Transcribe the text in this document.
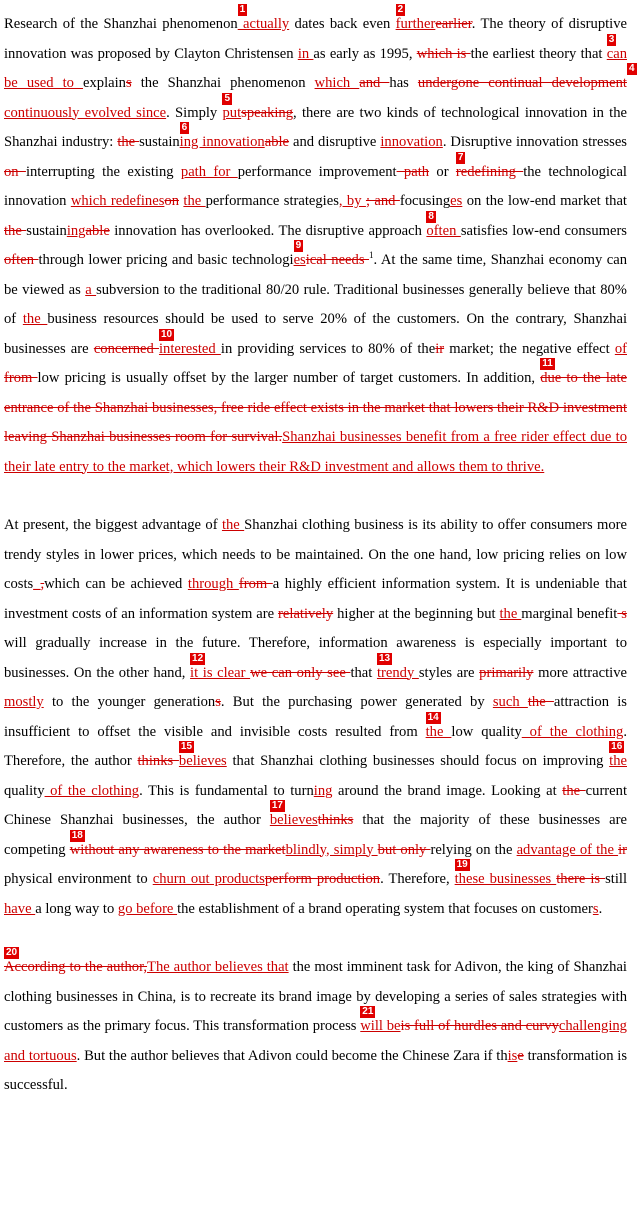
Research of the Shanzhai phenomenon
1
actually dates back even
2
furtherearlier. The theory of disruptive innovation was proposed by Clayton Christensen in as early as 1995, which is the earliest theory that
3
can be used to explains the Shanzhai phenomenon which and has undergone continual development
4
continuously evolved since. Simply
5
putspeaking, there are two kinds of technological innovation in the Shanzhai industry: the sustain
6
ing innovationable and disruptive innovation. Disruptive innovation stresses on interrupting the existing path for performance improvement path or
7
redefining the technological innovation which redefineson the performance strategies, by ; and focusinges on the low-end market that the sustainingable innovation has overlooked. The disruptive approach
8
often satisfies low-end consumers often through lower pricing and basic technologi
9
esical needs $^1$. At the same time, Shanzhai economy can be viewed as a subversion to the traditional 80/20 rule. Traditional businesses generally believe that 80% of the business resources should be used to serve 20% of the customers. On the contrary, Shanzhai businesses are concerned
10
interested in providing services to 80% of their market; the negative effect of from low pricing is usually offset by the larger number of target customers. In addition,
11
due to the late entrance of the Shanzhai businesses, free ride effect exists in the market that lowers their R&D investment leaving Shanzhai businesses room for survival.Shanzhai businesses benefit from a free rider effect due to their late entry to the market, which lowers their R&D investment and allows them to thrive.

At present, the biggest advantage of the Shanzhai clothing business is its ability to offer consumers more trendy styles in lower prices, which needs to be maintained. On the one hand, low pricing relies on low costs_,which can be achieved through from a highly efficient information system. It is undeniable that investment costs of an information system are relatively higher at the beginning but the marginal benefit s will gradually increase in the future. Therefore, information awareness is especially important to businesses. On the other hand,
12
it is clear we can only see that
13
trendy styles are primarily more attractive mostly to the younger generations. But the purchasing power generated by such the attraction is insufficient to offset the visible and invisible costs resulted from
14
the low quality of the clothing. Therefore, the author thinks
15
believes that Shanzhai clothing businesses should focus on improving
16
the quality of the clothing. This is fundamental to turning around the brand image. Looking at the current Chinese Shanzhai businesses, the author
17
believesthinks that the majority of these businesses are competing
18
without any awareness to the marketblindly, simply but only relying on the advantage of the ir physical environment to churn out productsperform production. Therefore,
19
these businesses there is still have a long way to go before the establishment of a brand operating system that focuses on customers.

20
According to the author,The author believes that the most imminent task for Adivon, the king of Shanzhai clothing businesses in China, is to recreate its brand image by developing a series of sales strategies with customers as the primary focus. This transformation process
21
will beis full of hurdles and curvychallenging and tortuous. But the author believes that Adivon could become the Chinese Zara if thise transformation is successful.
